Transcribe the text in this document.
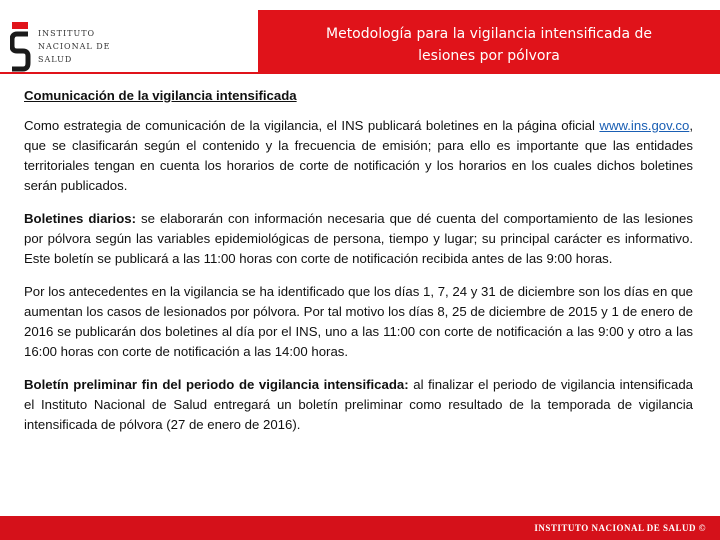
INSTITUTO
NACIONAL DE
SALUD
Metodología para la vigilancia intensificada de
lesiones por pólvora
Comunicación de la vigilancia intensificada

Como estrategia de comunicación de la vigilancia, el INS publicará boletines en la página oficial www.ins.gov.co, que se clasificarán según el contenido y la frecuencia de emisión; para ello es importante que las entidades territoriales tengan en cuenta los horarios de corte de notificación y los horarios en los cuales dichos boletines serán publicados.

Boletines diarios: se elaborarán con información necesaria que dé cuenta del comportamiento de las lesiones por pólvora según las variables epidemiológicas de persona, tiempo y lugar; su principal carácter es informativo. Este boletín se publicará a las 11:00 horas con corte de notificación recibida antes de las 9:00 horas.

Por los antecedentes en la vigilancia se ha identificado que los días 1, 7, 24 y 31 de diciembre son los días en que aumentan los casos de lesionados por pólvora. Por tal motivo los días 8, 25 de diciembre de 2015 y 1 de enero de 2016 se publicarán dos boletines al día por el INS, uno a las 11:00 con corte de notificación a las 9:00 y otro a las 16:00 horas con corte de notificación a las 14:00 horas.

Boletín preliminar fin del periodo de vigilancia intensificada: al finalizar el periodo de vigilancia intensificada el Instituto Nacional de Salud entregará un boletín preliminar como resultado de la temporada de vigilancia intensificada de pólvora (27 de enero de 2016).

INSTITUTO NACIONAL DE SALUD ©
